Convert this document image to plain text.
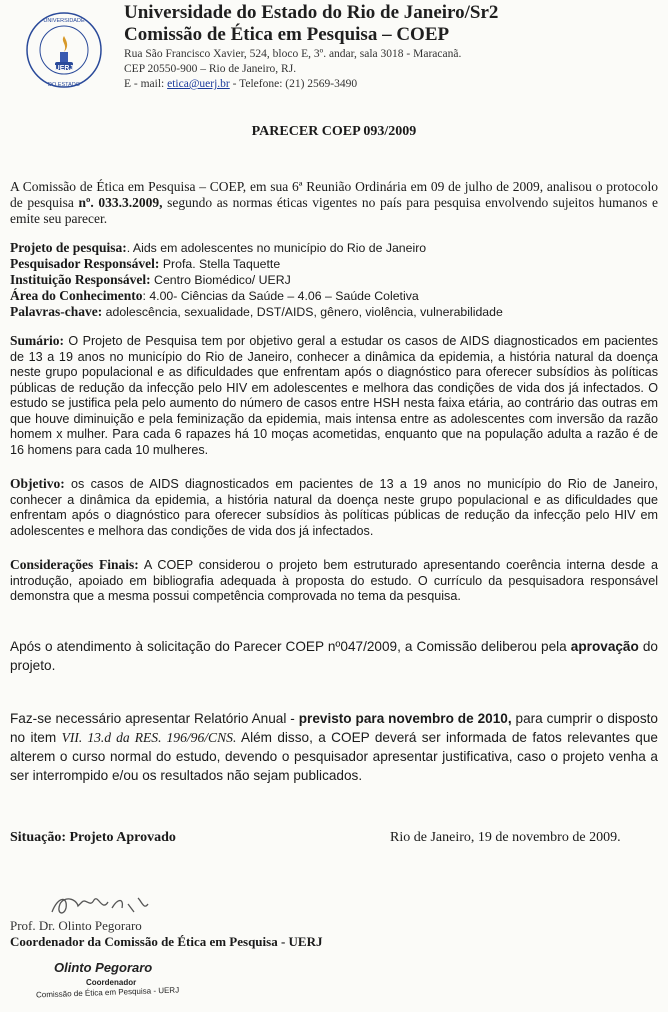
UERJ
UNIVERSIDADE
DO ESTADO
Universidade do Estado do Rio de Janeiro/Sr2
Comissão de Ética em Pesquisa – COEP
Rua São Francisco Xavier, 524, bloco E, 3º. andar, sala 3018 - Maracanã.
CEP 20550-900 – Rio de Janeiro, RJ.
E - mail: etica@uerj.br - Telefone: (21) 2569-3490
PARECER COEP 093/2009
A Comissão de Ética em Pesquisa – COEP, em sua 6ª Reunião Ordinária em 09 de julho de 2009, analisou o protocolo de pesquisa nº. 033.3.2009, segundo as normas éticas vigentes no país para pesquisa envolvendo sujeitos humanos e emite seu parecer.
Projeto de pesquisa:. Aids em adolescentes no município do Rio de Janeiro
Pesquisador Responsável: Profa. Stella Taquette
Instituição Responsável: Centro Biomédico/ UERJ
Área do Conhecimento: 4.00- Ciências da Saúde – 4.06 – Saúde Coletiva
Palavras-chave: adolescência, sexualidade, DST/AIDS, gênero, violência, vulnerabilidade
Sumário: O Projeto de Pesquisa tem por objetivo geral a estudar os casos de AIDS diagnosticados em pacientes de 13 a 19 anos no município do Rio de Janeiro, conhecer a dinâmica da epidemia, a história natural da doença neste grupo populacional e as dificuldades que enfrentam após o diagnóstico para oferecer subsídios às políticas públicas de redução da infecção pelo HIV em adolescentes e melhora das condições de vida dos já infectados. O estudo se justifica pela pelo aumento do número de casos entre HSH nesta faixa etária, ao contrário das outras em que houve diminuição e pela feminização da epidemia, mais intensa entre as adolescentes com inversão da razão homem x mulher. Para cada 6 rapazes há 10 moças acometidas, enquanto que na população adulta a razão é de 16 homens para cada 10 mulheres.
Objetivo: os casos de AIDS diagnosticados em pacientes de 13 a 19 anos no município do Rio de Janeiro, conhecer a dinâmica da epidemia, a história natural da doença neste grupo populacional e as dificuldades que enfrentam após o diagnóstico para oferecer subsídios às políticas públicas de redução da infecção pelo HIV em adolescentes e melhora das condições de vida dos já infectados.
Considerações Finais: A COEP considerou o projeto bem estruturado apresentando coerência interna desde a introdução, apoiado em bibliografia adequada à proposta do estudo. O currículo da pesquisadora responsável demonstra que a mesma possui competência comprovada no tema da pesquisa.
Após o atendimento à solicitação do Parecer COEP nº047/2009, a Comissão deliberou pela aprovação do projeto.
Faz-se necessário apresentar Relatório Anual - previsto para novembro de 2010, para cumprir o disposto no item VII. 13.d da RES. 196/96/CNS. Além disso, a COEP deverá ser informada de fatos relevantes que alterem o curso normal do estudo, devendo o pesquisador apresentar justificativa, caso o projeto venha a ser interrompido e/ou os resultados não sejam publicados.
Situação: Projeto Aprovado	Rio de Janeiro, 19 de novembro de 2009.
Prof. Dr. Olinto Pegoraro
Coordenador da Comissão de Ética em Pesquisa - UERJ
Olinto Pegoraro
Coordenador
Comissão de Ética em Pesquisa - UERJ
